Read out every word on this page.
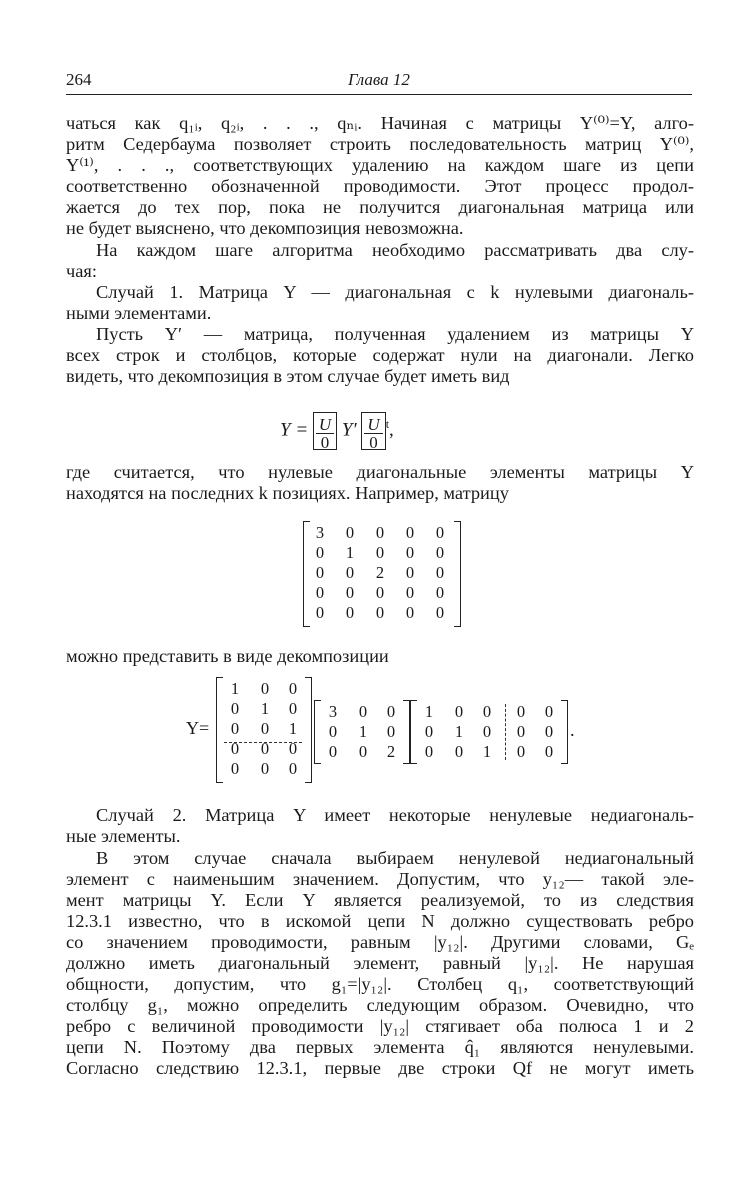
264	Глава 12
чаться как q₁ᵢ, q₂ᵢ, . . ., qₙᵢ. Начиная с матрицы Y⁽⁰⁾=Y, алго-
ритм Седербаума позволяет строить последовательность матриц Y⁽⁰⁾,
Y⁽¹⁾, . . ., соответствующих удалению на каждом шаге из цепи
соответственно обозначенной проводимости. Этот процесс продол-
жается до тех пор, пока не получится диагональная матрица или
не будет выяснено, что декомпозиция невозможна.
На каждом шаге алгоритма необходимо рассматривать два слу-
чая:
Случай 1. Матрица Y — диагональная с k нулевыми диагональ-
ными элементами.
Пусть Y′ — матрица, полученная удалением из матрицы Y
всех строк и столбцов, которые содержат нули на диагонали. Легко
видеть, что декомпозиция в этом случае будет иметь вид
$Y = \frac{U}{0} Y' \frac{U}{0} ^t$,
где считается, что нулевые диагональные элементы матрицы Y
находятся на последних k позициях. Например, матрицу
3	0	0	0	0
0	1	0	0	0
0	0	2	0	0
0	0	0	0	0
0	0	0	0	0
можно представить в виде декомпозиции
Y=
1	0	0
0	1	0
0	0	1
0	0	0
0	0	0
3	0	0
0	1	0
0	0	2
1	0	0	0	0
0	1	0	0	0
0	0	1	0	0
.
Случай 2. Матрица Y имеет некоторые ненулевые недиагональ-
ные элементы.
В этом случае сначала выбираем ненулевой недиагональный
элемент с наименьшим значением. Допустим, что y₁₂— такой эле-
мент матрицы Y. Если Y является реализуемой, то из следствия
12.3.1 известно, что в искомой цепи N должно существовать ребро
со значением проводимости, равным |y₁₂|. Другими словами, Gₑ
должно иметь диагональный элемент, равный |y₁₂|. Не нарушая
общности, допустим, что g₁=|y₁₂|. Столбец q₁, соответствующий
столбцу g₁, можно определить следующим образом. Очевидно, что
ребро с величиной проводимости |y₁₂| стягивает оба полюса 1 и 2
цепи N. Поэтому два первых элемента q̂₁ являются ненулевыми.
Согласно следствию 12.3.1, первые две строки Qf не могут иметь
